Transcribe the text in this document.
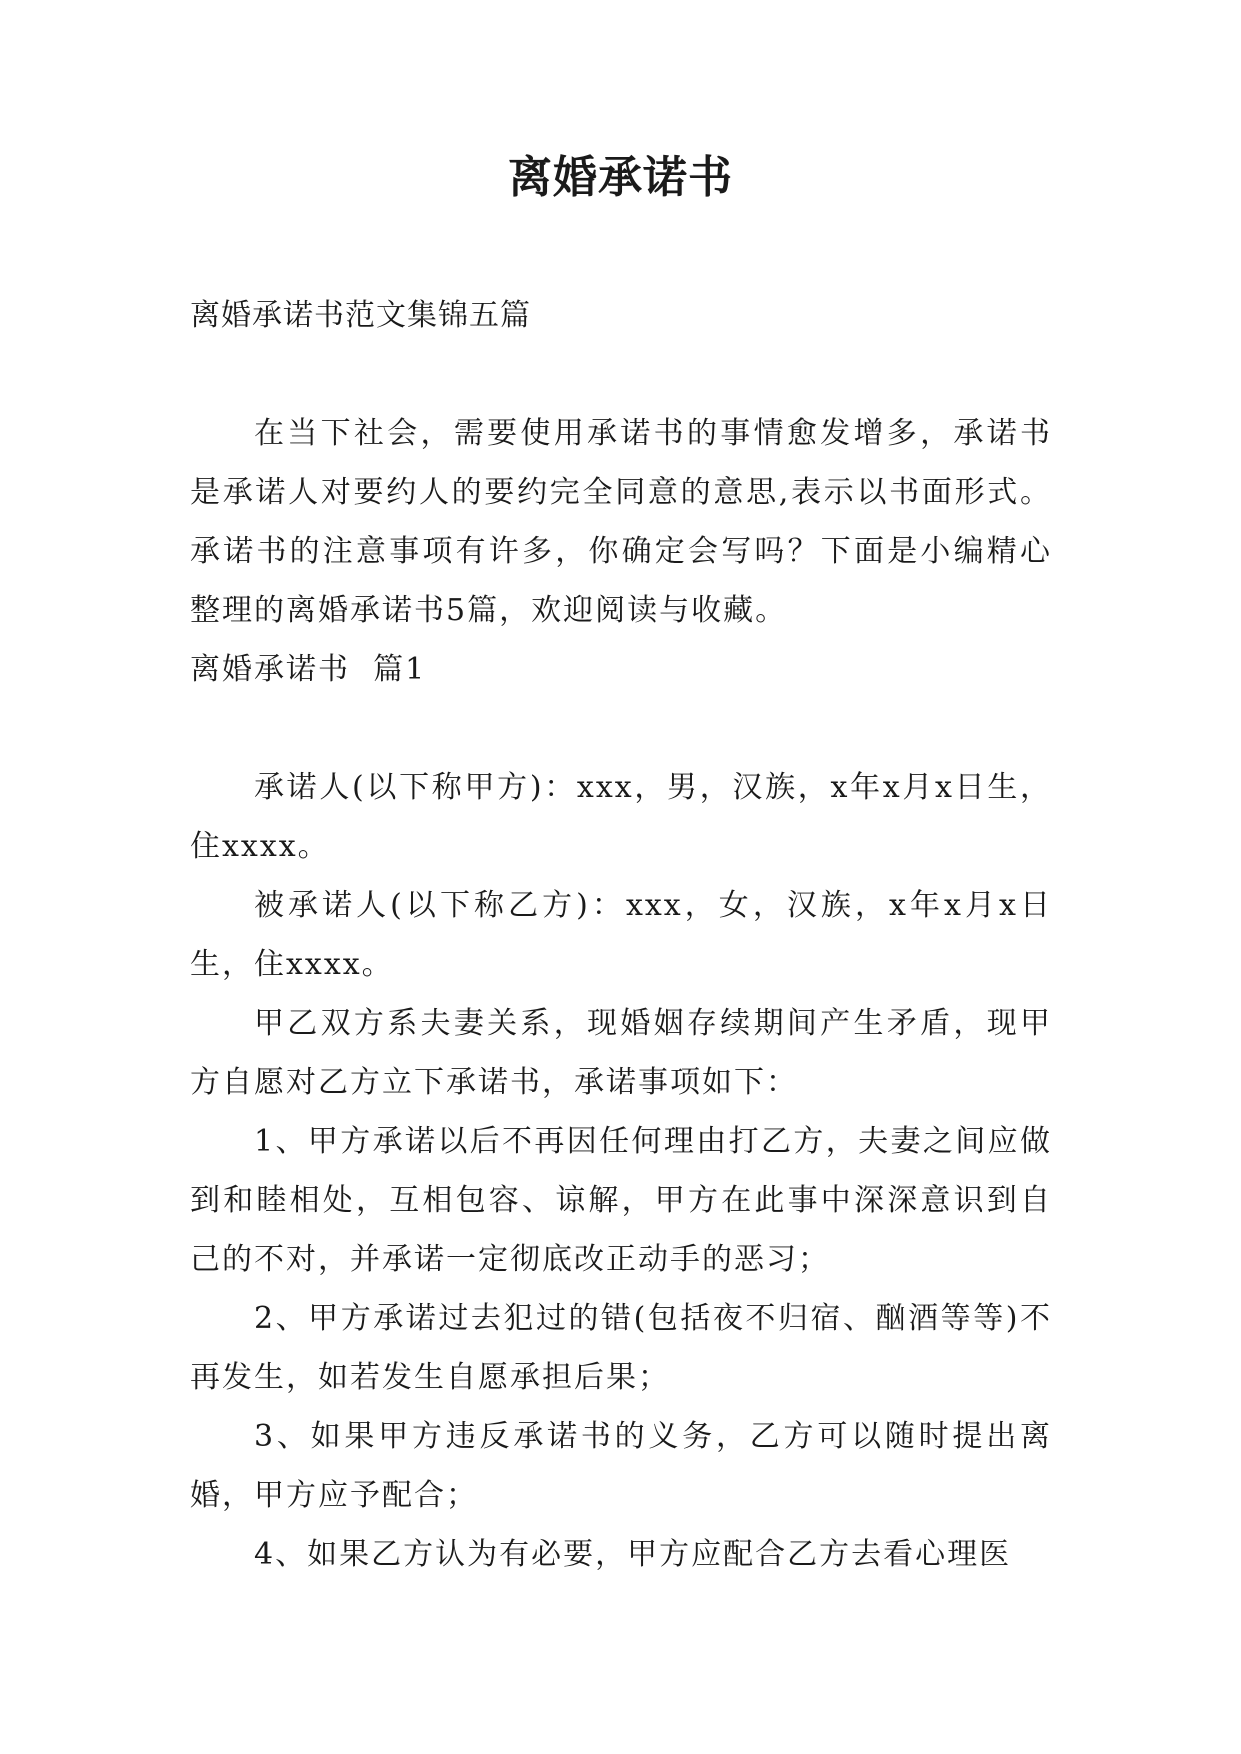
离婚承诺书

离婚承诺书范文集锦五篇

在当下社会，需要使用承诺书的事情愈发增多，承诺书是承诺人对要约人的要约完全同意的意思,表示以书面形式。承诺书的注意事项有许多，你确定会写吗？下面是小编精心整理的离婚承诺书5篇，欢迎阅读与收藏。

离婚承诺书  篇1

承诺人(以下称甲方)：xxx，男，汉族，x年x月x日生，住xxxx。

被承诺人(以下称乙方)：xxx，女，汉族，x年x月x日生，住xxxx。

甲乙双方系夫妻关系，现婚姻存续期间产生矛盾，现甲方自愿对乙方立下承诺书，承诺事项如下：

1、甲方承诺以后不再因任何理由打乙方，夫妻之间应做到和睦相处，互相包容、谅解，甲方在此事中深深意识到自己的不对，并承诺一定彻底改正动手的恶习；

2、甲方承诺过去犯过的错(包括夜不归宿、酗酒等等)不再发生，如若发生自愿承担后果；

3、如果甲方违反承诺书的义务，乙方可以随时提出离婚，甲方应予配合；

4、如果乙方认为有必要，甲方应配合乙方去看心理医
